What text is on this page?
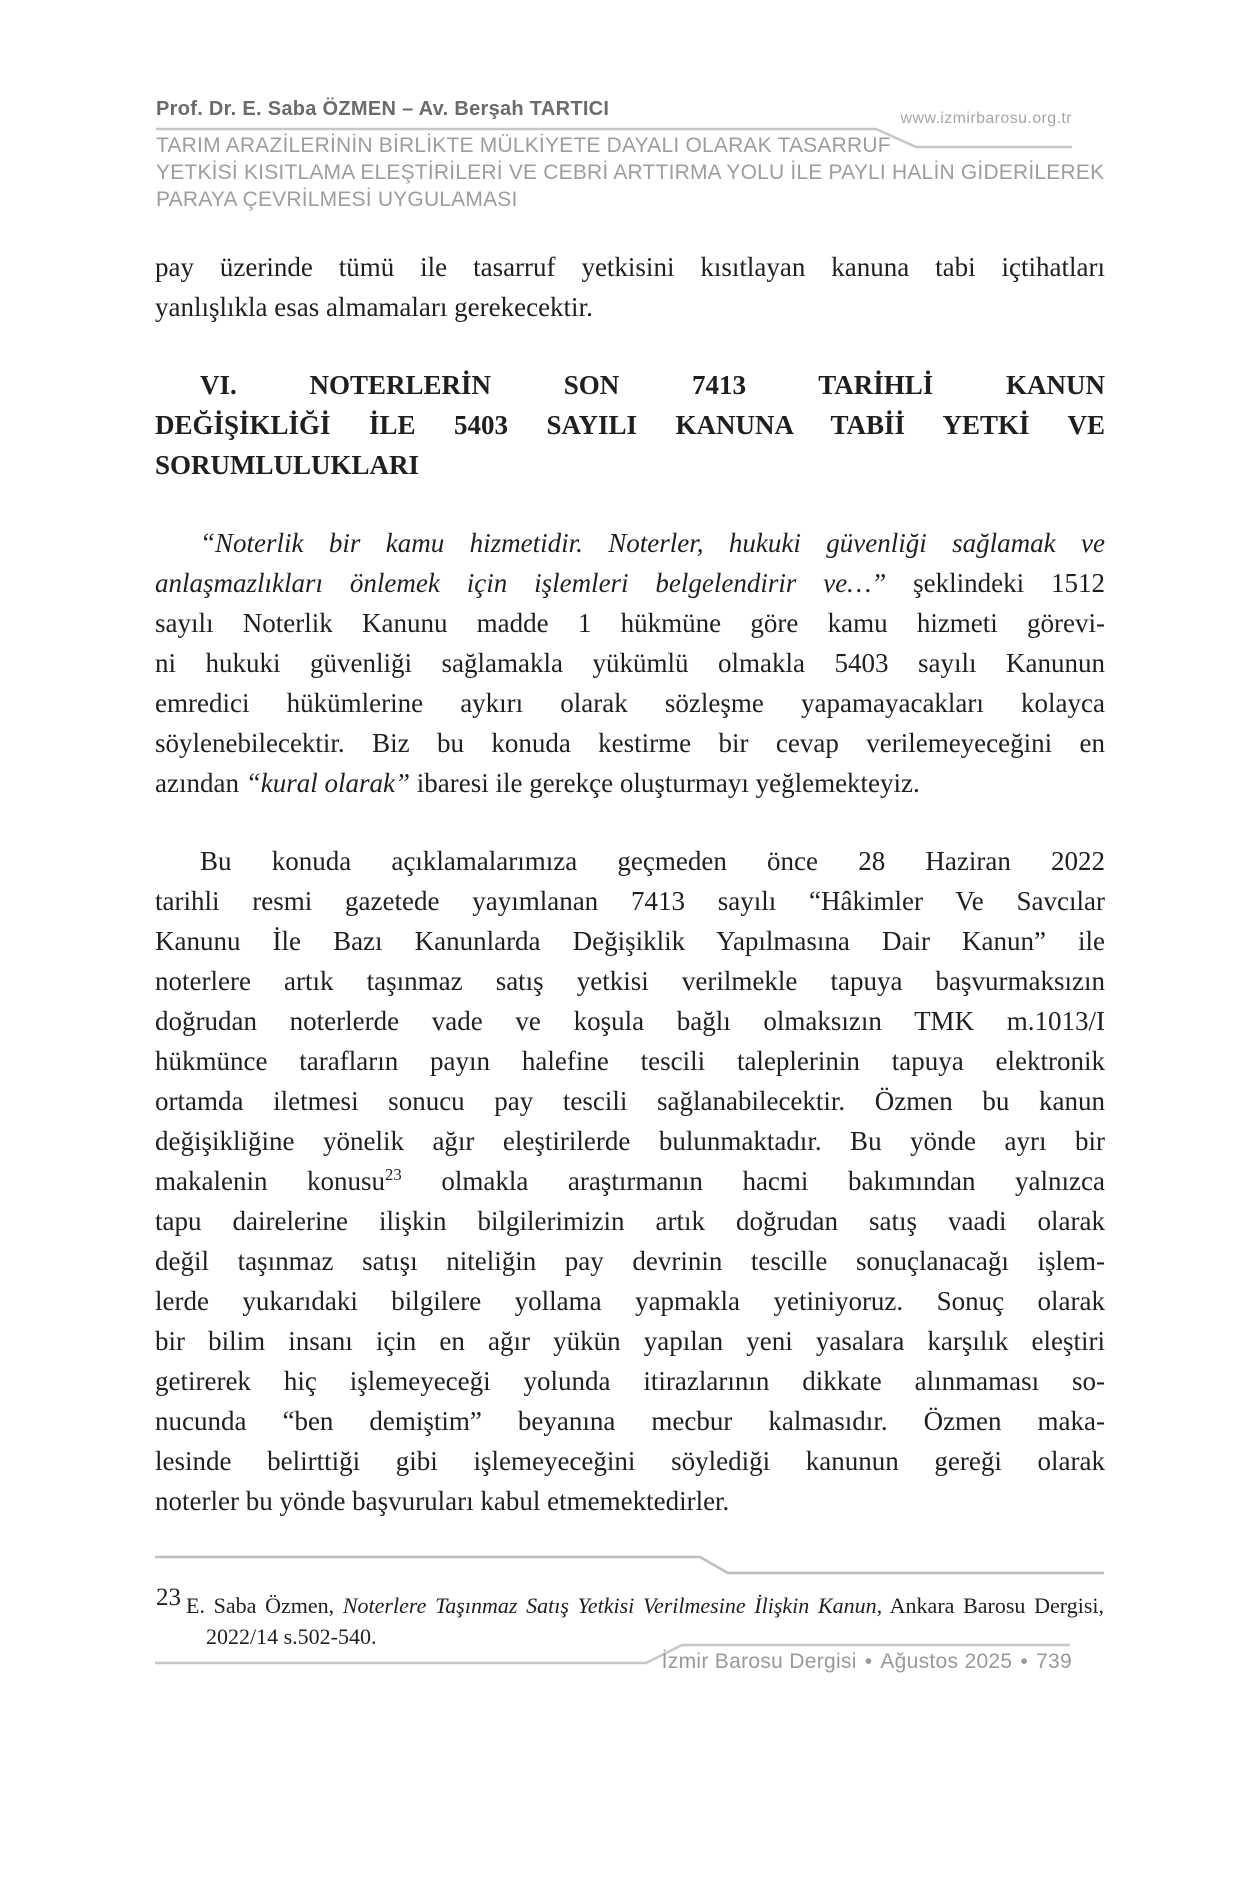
Prof. Dr. E. Saba ÖZMEN – Av. Berşah TARTICI	www.izmirbarosu.org.tr
TARIM ARAZİLERİNİN BİRLİKTE MÜLKİYETE DAYALI OLARAK TASARRUF
YETKİSİ KISITLAMA ELEŞTİRİLERİ VE CEBRİ ARTTIRMA YOLU İLE PAYLI HALİN GİDERİLEREK
PARAYA ÇEVRİLMESİ UYGULAMASI
pay üzerinde tümü ile tasarruf yetkisini kısıtlayan kanuna tabi içtihatları
yanlışlıkla esas almamaları gerekecektir.
VI. NOTERLERİN SON 7413 TARİHLİ KANUN
DEĞİŞİKLİĞİ İLE 5403 SAYILI KANUNA TABİİ YETKİ VE
SORUMLULUKLARI
“Noterlik bir kamu hizmetidir. Noterler, hukuki güvenliği sağlamak ve
anlaşmazlıkları önlemek için işlemleri belgelendirir ve…” şeklindeki 1512
sayılı Noterlik Kanunu madde 1 hükmüne göre kamu hizmeti görevi-
ni hukuki güvenliği sağlamakla yükümlü olmakla 5403 sayılı Kanunun
emredici hükümlerine aykırı olarak sözleşme yapamayacakları kolayca
söylenebilecektir. Biz bu konuda kestirme bir cevap verilemeyeceğini en
azından “kural olarak” ibaresi ile gerekçe oluşturmayı yeğlemekteyiz.
Bu konuda açıklamalarımıza geçmeden önce 28 Haziran 2022
tarihli resmi gazetede yayımlanan 7413 sayılı “Hâkimler Ve Savcılar
Kanunu İle Bazı Kanunlarda Değişiklik Yapılmasına Dair Kanun” ile
noterlere artık taşınmaz satış yetkisi verilmekle tapuya başvurmaksızın
doğrudan noterlerde vade ve koşula bağlı olmaksızın TMK m.1013/I
hükmünce tarafların payın halefine tescili taleplerinin tapuya elektronik
ortamda iletmesi sonucu pay tescili sağlanabilecektir. Özmen bu kanun
değişikliğine yönelik ağır eleştirilerde bulunmaktadır. Bu yönde ayrı bir
makalenin konusu$^{23}$ olmakla araştırmanın hacmi bakımından yalnızca
tapu dairelerine ilişkin bilgilerimizin artık doğrudan satış vaadi olarak
değil taşınmaz satışı niteliğin pay devrinin tescille sonuçlanacağı işlem-
lerde yukarıdaki bilgilere yollama yapmakla yetiniyoruz. Sonuç olarak
bir bilim insanı için en ağır yükün yapılan yeni yasalara karşılık eleştiri
getirerek hiç işlemeyeceği yolunda itirazlarının dikkate alınmaması so-
nucunda “ben demiştim” beyanına mecbur kalmasıdır. Özmen maka-
lesinde belirttiği gibi işlemeyeceğini söylediği kanunun gereği olarak
noterler bu yönde başvuruları kabul etmemektedirler.
23 E. Saba Özmen, Noterlere Taşınmaz Satış Yetkisi Verilmesine İlişkin Kanun, Ankara Barosu Dergisi,
2022/14 s.502-540.
İzmir Barosu Dergisi • Ağustos 2025 • 739
